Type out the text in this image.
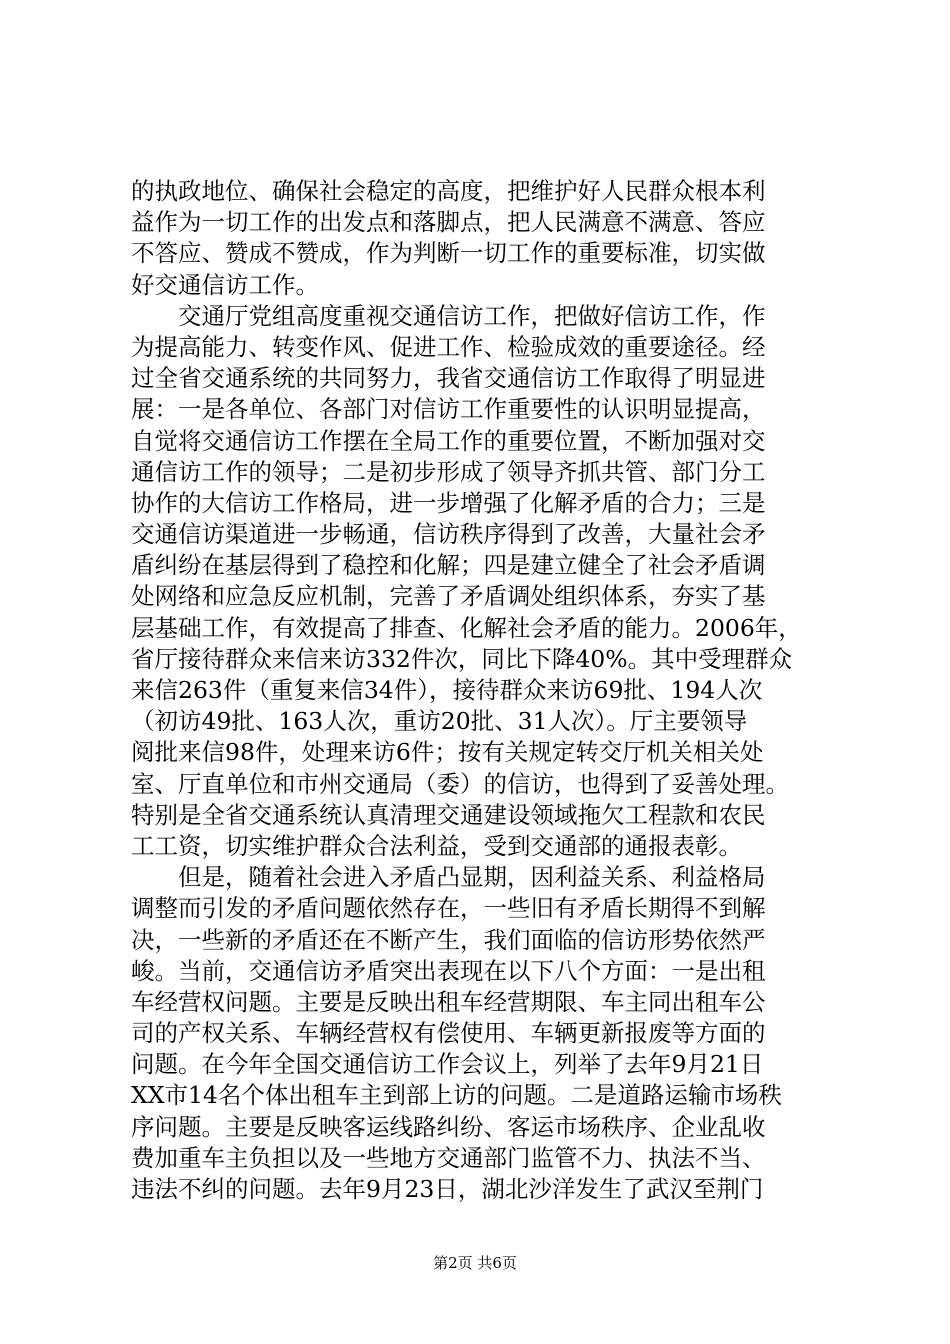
的执政地位、确保社会稳定的高度，把维护好人民群众根本利
益作为一切工作的出发点和落脚点，把人民满意不满意、答应
不答应、赞成不赞成，作为判断一切工作的重要标准，切实做
好交通信访工作。
交通厅党组高度重视交通信访工作，把做好信访工作，作
为提高能力、转变作风、促进工作、检验成效的重要途径。经
过全省交通系统的共同努力，我省交通信访工作取得了明显进
展：一是各单位、各部门对信访工作重要性的认识明显提高，
自觉将交通信访工作摆在全局工作的重要位置，不断加强对交
通信访工作的领导；二是初步形成了领导齐抓共管、部门分工
协作的大信访工作格局，进一步增强了化解矛盾的合力；三是
交通信访渠道进一步畅通，信访秩序得到了改善，大量社会矛
盾纠纷在基层得到了稳控和化解；四是建立健全了社会矛盾调
处网络和应急反应机制，完善了矛盾调处组织体系，夯实了基
层基础工作，有效提高了排查、化解社会矛盾的能力。2006年，
省厅接待群众来信来访332件次，同比下降40%。其中受理群众
来信263件（重复来信34件），接待群众来访69批、194人次
（初访49批、163人次，重访20批、31人次）。厅主要领导
阅批来信98件，处理来访6件；按有关规定转交厅机关相关处
室、厅直单位和市州交通局（委）的信访，也得到了妥善处理。
特别是全省交通系统认真清理交通建设领域拖欠工程款和农民
工工资，切实维护群众合法利益，受到交通部的通报表彰。
但是，随着社会进入矛盾凸显期，因利益关系、利益格局
调整而引发的矛盾问题依然存在，一些旧有矛盾长期得不到解
决，一些新的矛盾还在不断产生，我们面临的信访形势依然严
峻。当前，交通信访矛盾突出表现在以下八个方面：一是出租
车经营权问题。主要是反映出租车经营期限、车主同出租车公
司的产权关系、车辆经营权有偿使用、车辆更新报废等方面的
问题。在今年全国交通信访工作会议上，列举了去年9月21日
XX市14名个体出租车主到部上访的问题。二是道路运输市场秩
序问题。主要是反映客运线路纠纷、客运市场秩序、企业乱收
费加重车主负担以及一些地方交通部门监管不力、执法不当、
违法不纠的问题。去年9月23日，湖北沙洋发生了武汉至荆门
第2页 共6页
